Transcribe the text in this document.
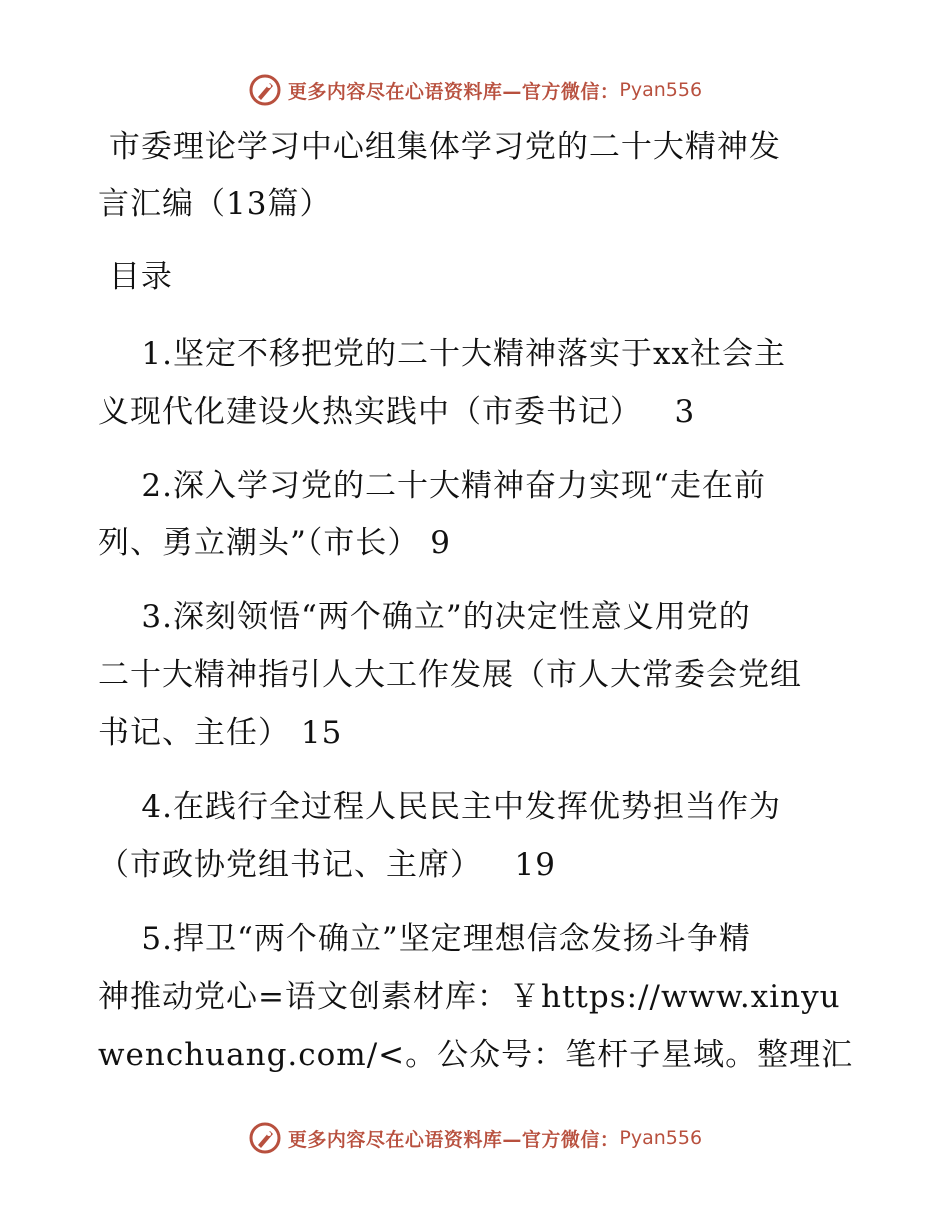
更多内容尽在心语资料库—官方微信： Pyan556
市委理论学习中心组集体学习党的二十大精神发
言汇编（13篇）
目录
1.坚定不移把党的二十大精神落实于xx社会主
义现代化建设火热实践中（市委书记）   3
2.深入学习党的二十大精神奋力实现“走在前
列、勇立潮头”（市长） 9
3.深刻领悟“两个确立”的决定性意义用党的
二十大精神指引人大工作发展（市人大常委会党组
书记、主任） 15
4.在践行全过程人民民主中发挥优势担当作为
（市政协党组书记、主席）   19
5.捍卫“两个确立”坚定理想信念发扬斗争精
神推动党心=语文创素材库：￥https://www.xinyu
wenchuang.com/<。公众号：笔杆子星域。整理汇
更多内容尽在心语资料库—官方微信： Pyan556
